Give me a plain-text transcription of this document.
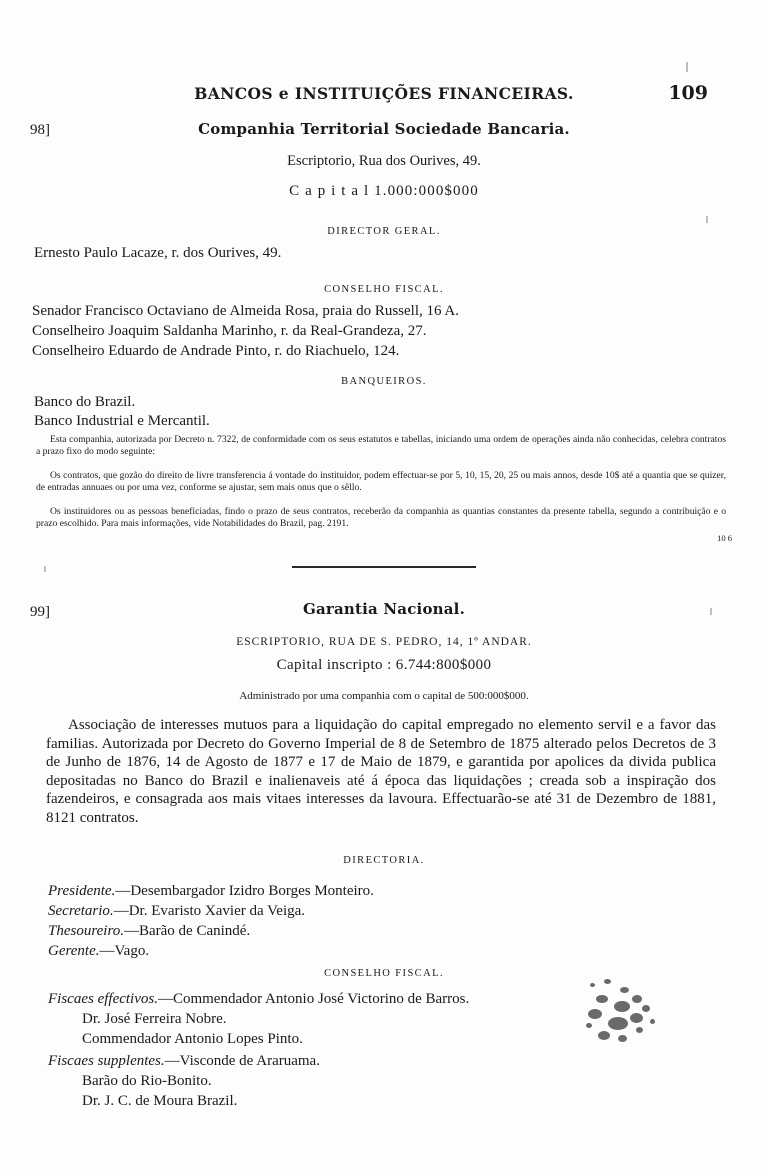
BANCOS e INSTITUIÇÕES FINANCEIRAS.	109
98]	Companhia Territorial Sociedade Bancaria.
Escriptorio, Rua dos Ourives, 49.
C a p i t a l 1.000:000$000
DIRECTOR GERAL.
Ernesto Paulo Lacaze, r. dos Ourives, 49.
CONSELHO FISCAL.
Senador Francisco Octaviano de Almeida Rosa, praia do Russell, 16 A.
Conselheiro Joaquim Saldanha Marinho, r. da Real-Grandeza, 27.
Conselheiro Eduardo de Andrade Pinto, r. do Riachuelo, 124.
BANQUEIROS.
Banco do Brazil.
Banco Industrial e Mercantil.
Esta companhia, autorizada por Decreto n. 7322, de conformidade com os seus estatutos e tabellas, iniciando uma ordem de operações ainda não conhecidas, celebra contratos a prazo fixo do modo seguinte:
Os contratos, que gozão do direito de livre transferencia á vontade do instituidor, podem effectuar-se por 5, 10, 15, 20, 25 ou mais annos, desde 10$ até a quantia que se quizer, de entradas annuaes ou por uma vez, conforme se ajustar, sem mais onus que o sêllo.
Os instituidores ou as pessoas beneficiadas, findo o prazo de seus contratos, receberão da companhia as quantias constantes da presente tabella, segundo a contribuição e o prazo escolhido. Para mais informações, vide Notabilidades do Brazil, pag. 2191.
10 6
99]	Garantia Nacional.
ESCRIPTORIO, RUA DE S. PEDRO, 14, 1º ANDAR.
Capital inscripto : 6.744:800$000
Administrado por uma companhia com o capital de 500:000$000.
Associação de interesses mutuos para a liquidação do capital empregado no elemento servil e a favor das familias. Autorizada por Decreto do Governo Imperial de 8 de Setembro de 1875 alterado pelos Decretos de 3 de Junho de 1876, 14 de Agosto de 1877 e 17 de Maio de 1879, e garantida por apolices da divida publica depositadas no Banco do Brazil e inalienaveis até á época das liquidações ; creada sob a inspiração dos fazendeiros, e consagrada aos mais vitaes interesses da lavoura. Effectuarão-se até 31 de Dezembro de 1881, 8121 contratos.
DIRECTORIA.
Presidente.—Desembargador Izidro Borges Monteiro.
Secretario.—Dr. Evaristo Xavier da Veiga.
Thesoureiro.—Barão de Canindé.
Gerente.—Vago.
CONSELHO FISCAL.
Fiscaes effectivos.—Commendador Antonio José Victorino de Barros.
Dr. José Ferreira Nobre.
Commendador Antonio Lopes Pinto.
Fiscaes supplentes.—Visconde de Araruama.
Barão do Rio-Bonito.
Dr. J. C. de Moura Brazil.
